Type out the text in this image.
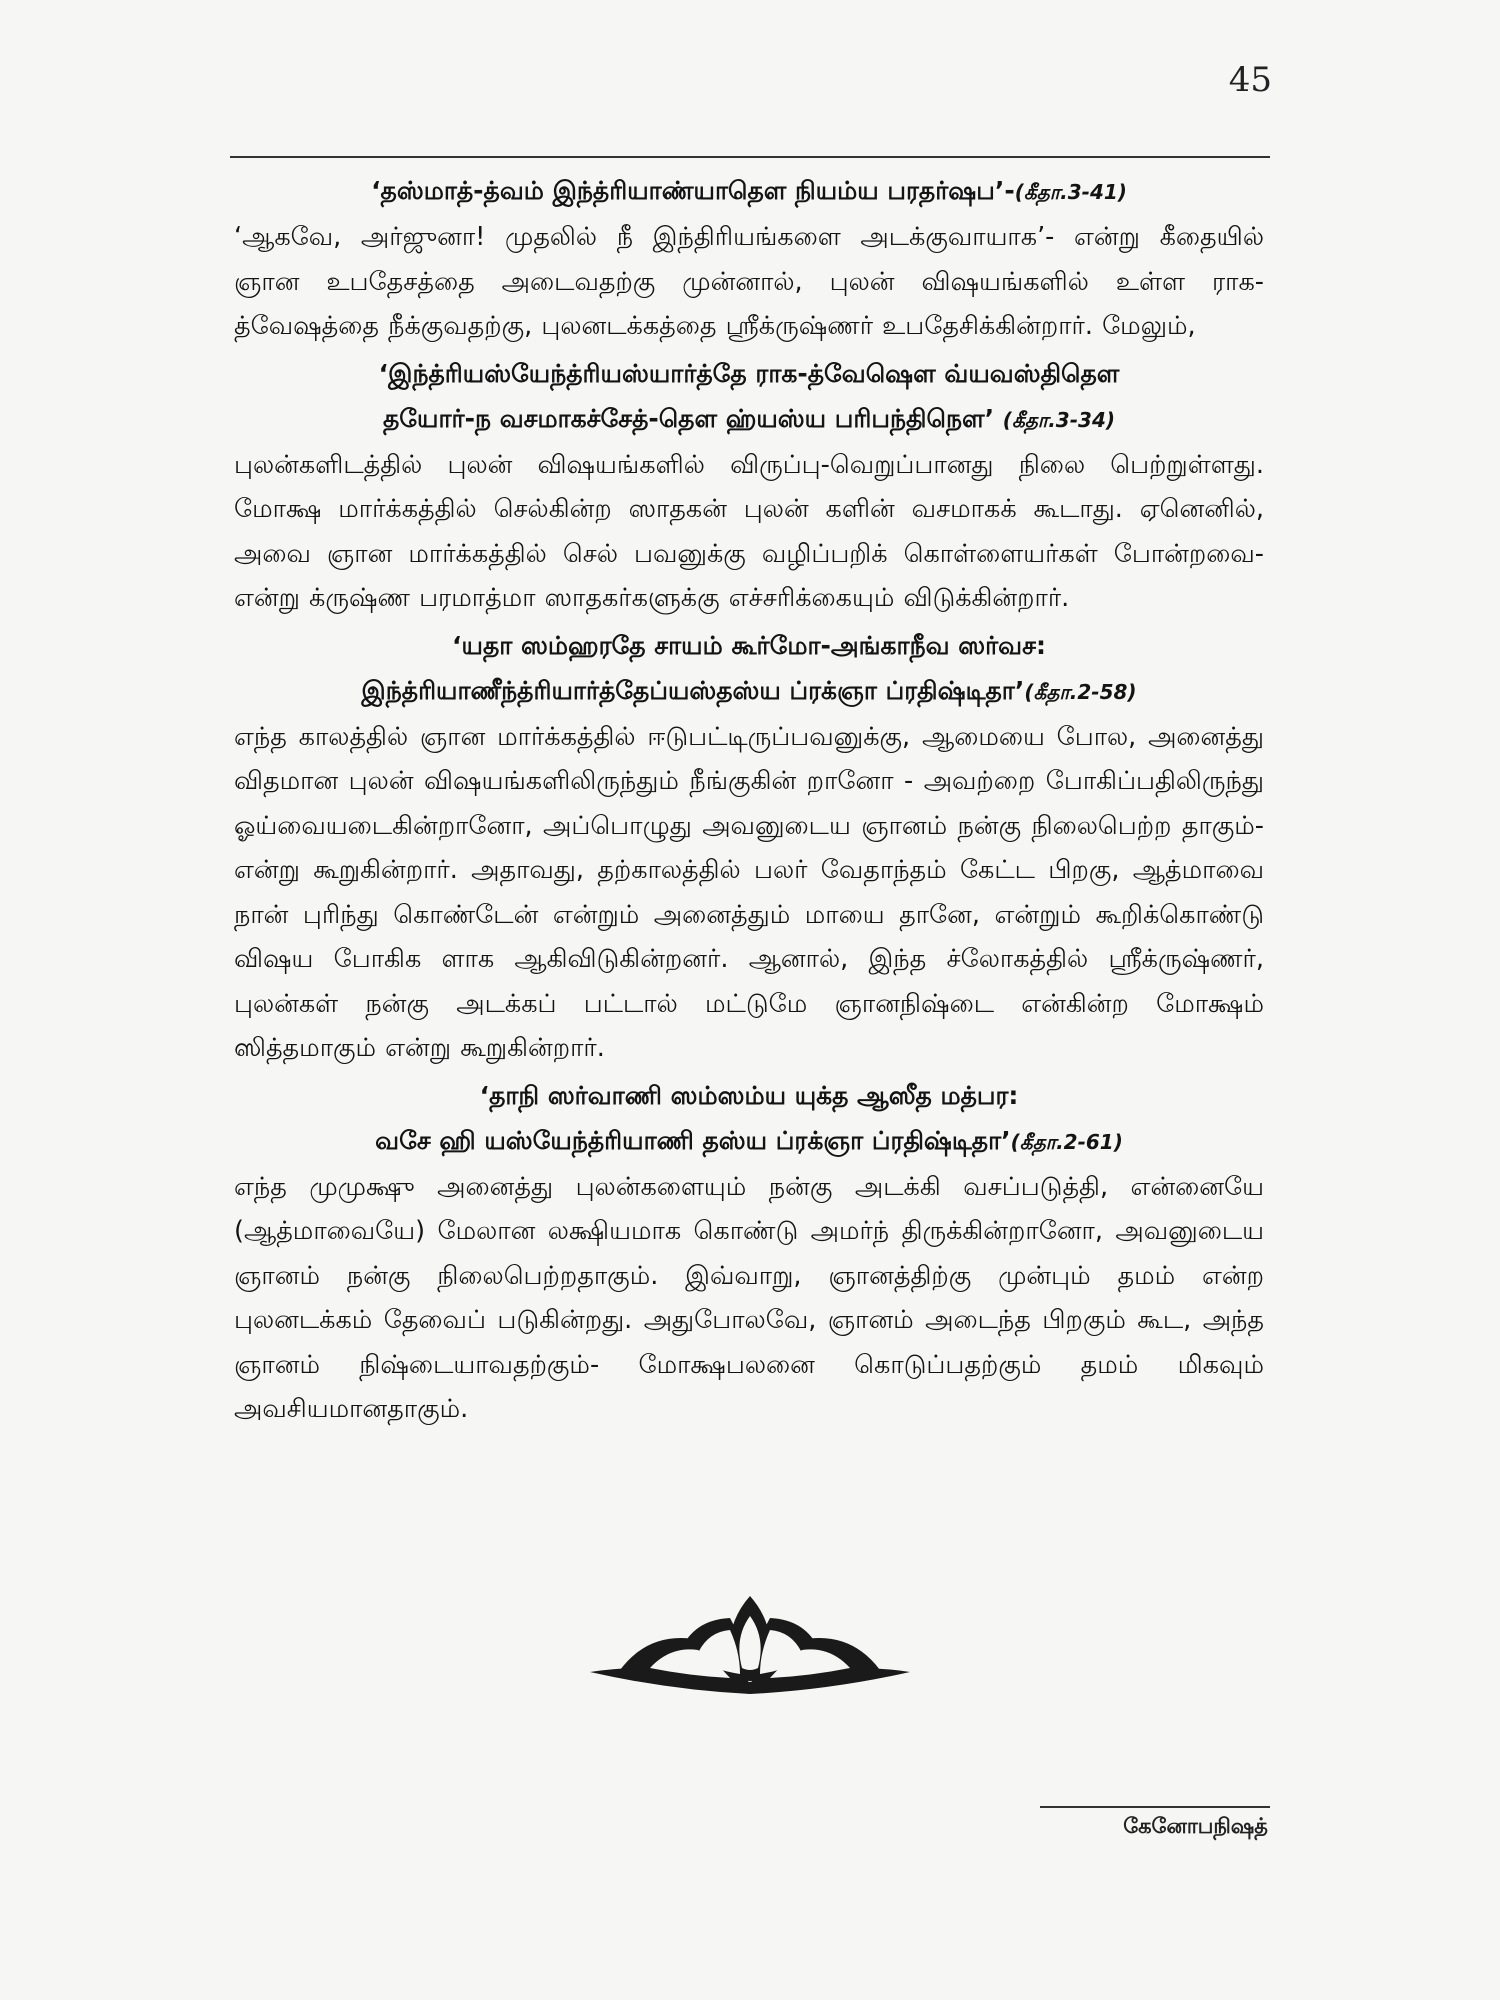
45

‘தஸ்மாத்-த்வம் இந்த்ரியாண்யாதௌ நியம்ய பரதர்ஷப’-(கீதா.3-41)

‘ஆகவே, அர்ஜுனா! முதலில் நீ இந்திரியங்களை அடக்குவாயாக’- என்று கீதையில் ஞான உபதேசத்தை அடைவதற்கு முன்னால், புலன் விஷயங்களில் உள்ள ராக-த்வேஷத்தை நீக்குவதற்கு, புலனடக்கத்தை ஸ்ரீக்ருஷ்ணர் உபதேசிக்கின்றார். மேலும்,

‘இந்த்ரியஸ்யேந்த்ரியஸ்யார்த்தே ராக-த்வேஷௌ வ்யவஸ்திதௌ
தயோர்-ந வசமாகச்சேத்-தௌ ஹ்யஸ்ய பரிபந்திநௌ’ (கீதா.3-34)

புலன்களிடத்தில் புலன் விஷயங்களில் விருப்பு-வெறுப்பானது நிலை பெற்றுள்ளது. மோக்ஷ மார்க்கத்தில் செல்கின்ற ஸாதகன் புலன் களின் வசமாகக் கூடாது. ஏனெனில், அவை ஞான மார்க்கத்தில் செல் பவனுக்கு வழிப்பறிக் கொள்ளையர்கள் போன்றவை- என்று க்ருஷ்ண பரமாத்மா ஸாதகர்களுக்கு எச்சரிக்கையும் விடுக்கின்றார்.

‘யதா ஸம்ஹரதே சாயம் கூர்மோ-அங்காநீவ ஸர்வச:
இந்த்ரியாணீந்த்ரியார்த்தேப்யஸ்தஸ்ய ப்ரக்ஞா ப்ரதிஷ்டிதா’(கீதா.2-58)

எந்த காலத்தில் ஞான மார்க்கத்தில் ஈடுபட்டிருப்பவனுக்கு, ஆமையை போல, அனைத்து விதமான புலன் விஷயங்களிலிருந்தும் நீங்குகின் றானோ - அவற்றை போகிப்பதிலிருந்து ஓய்வையடைகின்றானோ, அப்பொழுது அவனுடைய ஞானம் நன்கு நிலைபெற்ற தாகும்- என்று கூறுகின்றார். அதாவது, தற்காலத்தில் பலர் வேதாந்தம் கேட்ட பிறகு, ஆத்மாவை நான் புரிந்து கொண்டேன் என்றும் அனைத்தும் மாயை தானே, என்றும் கூறிக்கொண்டு விஷய போகிக ளாக ஆகிவிடுகின்றனர். ஆனால், இந்த ச்லோகத்தில் ஸ்ரீக்ருஷ்ணர், புலன்கள் நன்கு அடக்கப் பட்டால் மட்டுமே ஞானநிஷ்டை என்கின்ற மோக்ஷம் ஸித்தமாகும் என்று கூறுகின்றார்.

‘தாநி ஸர்வாணி ஸம்ஸம்ய யுக்த ஆஸீத மத்பர:
வசே ஹி யஸ்யேந்த்ரியாணி தஸ்ய ப்ரக்ஞா ப்ரதிஷ்டிதா’(கீதா.2-61)

எந்த முமுக்ஷு அனைத்து புலன்களையும் நன்கு அடக்கி வசப்படுத்தி, என்னையே (ஆத்மாவையே) மேலான லக்ஷியமாக கொண்டு அமர்ந் திருக்கின்றானோ, அவனுடைய ஞானம் நன்கு நிலைபெற்றதாகும். இவ்வாறு, ஞானத்திற்கு முன்பும் தமம் என்ற புலனடக்கம் தேவைப் படுகின்றது. அதுபோலவே, ஞானம் அடைந்த பிறகும் கூட, அந்த ஞானம் நிஷ்டையாவதற்கும்- மோக்ஷபலனை கொடுப்பதற்கும் தமம் மிகவும் அவசியமானதாகும்.

கேனோபநிஷத்
